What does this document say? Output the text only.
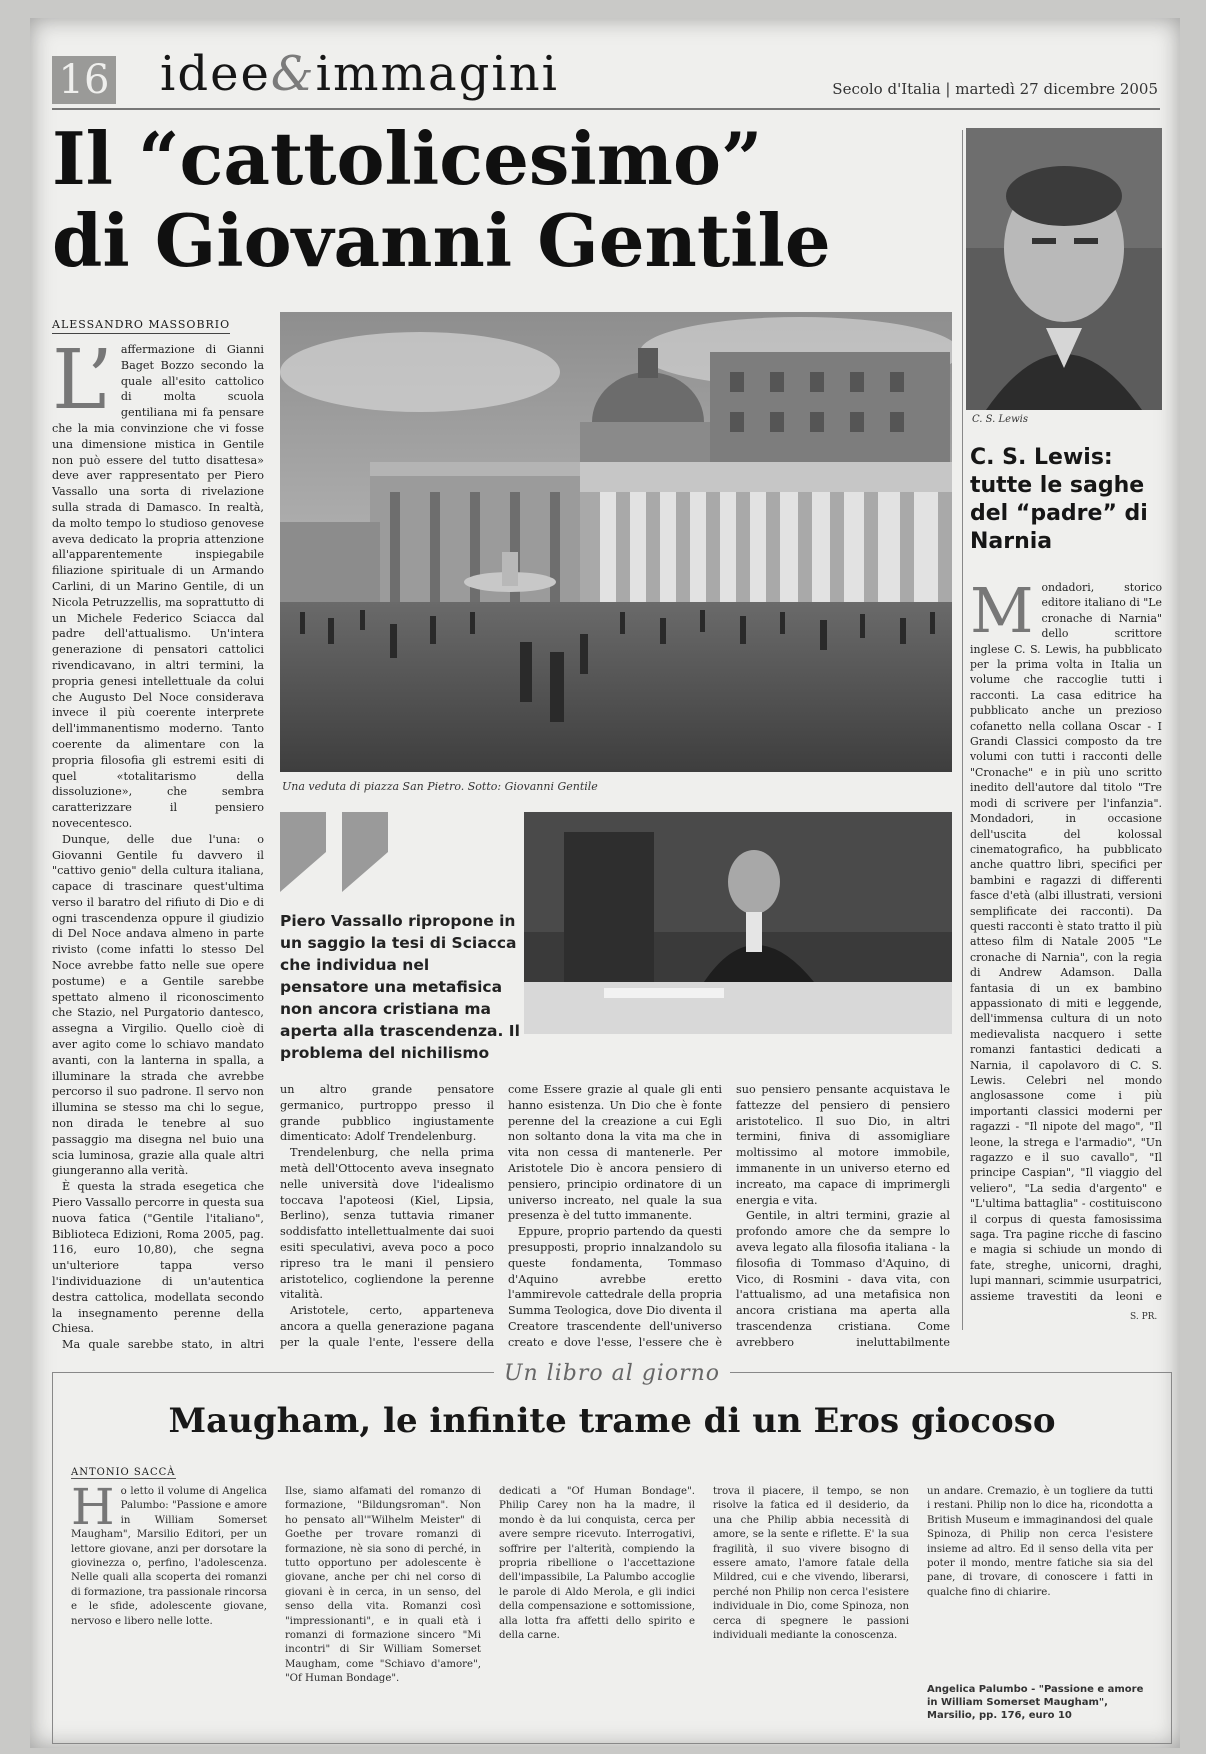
16 idee&immagini	Secolo d'Italia | martedì 27 dicembre 2005
Il “cattolicesimo”
di Giovanni Gentile
ALESSANDRO MASSOBRIO
L’ affermazione di Gianni Baget Bozzo secondo la quale all'esito cattolico di molta scuola gentiliana mi fa pensare che la mia convinzione che vi fosse una dimensione mistica in Gentile non può essere del tutto disattesa» deve aver rappresentato per Piero Vassallo una sorta di rivelazione sulla strada di Damasco. In realtà, da molto tempo lo studioso genovese aveva dedicato la propria attenzione all'apparentemente inspiegabile filiazione spirituale di un Armando Carlini, di un Marino Gentile, di un Nicola Petruzzellis, ma soprattutto di un Michele Federico Sciacca dal padre dell'attualismo. Un'intera generazione di pensatori cattolici rivendicavano, in altri termini, la propria genesi intellettuale da colui che Augusto Del Noce considerava invece il più coerente interprete dell'immanentismo moderno. Tanto coerente da alimentare con la propria filosofia gli estremi esiti di quel «totalitarismo della dissoluzione», che sembra caratterizzare il pensiero novecentesco.

Dunque, delle due l'una: o Giovanni Gentile fu davvero il "cattivo genio" della cultura italiana, capace di trascinare quest'ultima verso il baratro del rifiuto di Dio e di ogni trascendenza oppure il giudizio di Del Noce andava almeno in parte rivisto (come infatti lo stesso Del Noce avrebbe fatto nelle sue opere postume) e a Gentile sarebbe spettato almeno il riconoscimento che Stazio, nel Purgatorio dantesco, assegna a Virgilio. Quello cioè di aver agito come lo schiavo mandato avanti, con la lanterna in spalla, a illuminare la strada che avrebbe percorso il suo padrone. Il servo non illumina se stesso ma chi lo segue, non dirada le tenebre al suo passaggio ma disegna nel buio una scia luminosa, grazie alla quale altri giungeranno alla verità.

È questa la strada esegetica che Piero Vassallo percorre in questa sua nuova fatica ("Gentile l'italiano", Biblioteca Edizioni, Roma 2005, pag. 116, euro 10,80), che segna un'ulteriore tappa verso l'individuazione di un'autentica destra cattolica, modellata secondo la insegnamento perenne della Chiesa.

Ma quale sarebbe stato, in altri

Una veduta di piazza San Pietro. Sotto: Giovanni Gentile
Piero Vassallo ripropone in un saggio la tesi di Sciacca che individua nel pensatore una metafisica non ancora cristiana ma aperta alla trascendenza. Il problema del nichilismo

un altro grande pensatore germanico, purtroppo presso il grande pubblico ingiustamente dimenticato: Adolf Trendelenburg.

Trendelenburg, che nella prima metà dell'Ottocento aveva insegnato nelle università dove l'idealismo toccava l'apoteosi (Kiel, Lipsia, Berlino), senza tuttavia rimaner soddisfatto intellettualmente dai suoi esiti speculativi, aveva poco a poco ripreso tra le mani il pensiero aristotelico, cogliendone la perenne vitalità.

Aristotele, certo, apparteneva ancora a quella generazione pagana per la quale l'ente, l'essere della

come Essere grazie al quale gli enti hanno esistenza. Un Dio che è fonte perenne del la creazione a cui Egli non soltanto dona la vita ma che in vita non cessa di mantenerle. Per Aristotele Dio è ancora pensiero di pensiero, principio ordinatore di un universo increato, nel quale la sua presenza è del tutto immanente.

Eppure, proprio partendo da questi presupposti, proprio innalzandolo su queste fondamenta, Tommaso d'Aquino avrebbe eretto l'ammirevole cattedrale della propria Summa Teologica, dove Dio diventa il Creatore trascendente dell'universo creato e dove l'esse, l'essere che è

suo pensiero pensante acquistava le fattezze del pensiero di pensiero aristotelico. Il suo Dio, in altri termini, finiva di assomigliare moltissimo al motore immobile, immanente in un universo eterno ed increato, ma capace di imprimergli energia e vita.

Gentile, in altri termini, grazie al profondo amore che da sempre lo aveva legato alla filosofia italiana - la filosofia di Tommaso d'Aquino, di Vico, di Rosmini - dava vita, con l'attualismo, ad una metafisica non ancora cristiana ma aperta alla trascendenza cristiana. Come avrebbero ineluttabilmente

C. S. Lewis
C. S. Lewis: tutte le saghe del “padre” di Narnia
M ondadori, storico editore italiano di "Le cronache di Narnia" dello scrittore inglese C. S. Lewis, ha pubblicato per la prima volta in Italia un volume che raccoglie tutti i racconti. La casa editrice ha pubblicato anche un prezioso cofanetto nella collana Oscar - I Grandi Classici composto da tre volumi con tutti i racconti delle "Cronache" e in più uno scritto inedito dell'autore dal titolo "Tre modi di scrivere per l'infanzia". Mondadori, in occasione dell'uscita del kolossal cinematografico, ha pubblicato anche quattro libri, specifici per bambini e ragazzi di differenti fasce d'età (albi illustrati, versioni semplificate dei racconti). Da questi racconti è stato tratto il più atteso film di Natale 2005 "Le cronache di Narnia", con la regia di Andrew Adamson. Dalla fantasia di un ex bambino appassionato di miti e leggende, dell'immensa cultura di un noto medievalista nacquero i sette romanzi fantastici dedicati a Narnia, il capolavoro di C. S. Lewis. Celebri nel mondo anglosassone come i più importanti classici moderni per ragazzi - "Il nipote del mago", "Il leone, la strega e l'armadio", "Un ragazzo e il suo cavallo", "Il principe Caspian", "Il viaggio del veliero", "La sedia d'argento" e "L'ultima battaglia" - costituiscono il corpus di questa famosissima saga. Tra pagine ricche di fascino e magia si schiude un mondo di fate, streghe, unicorni, draghi, lupi mannari, scimmie usurpatrici, assieme travestiti da leoni e

S. PR.
Un libro al giorno
Maugham, le infinite trame di un Eros giocoso
ANTONIO SACCÀ
H o letto il volume di Angelica Palumbo: "Passione e amore in William Somerset Maugham", Marsilio Editori, per un lettore giovane, anzi per dorsotare la giovinezza o, perfino, l'adolescenza. Nelle quali alla scoperta dei romanzi di formazione, tra passionale rincorsa e le sfide, adolescente giovane, nervoso e libero nelle lotte.

Ilse, siamo alfamati del romanzo di formazione, "Bildungsroman". Non ho pensato all'"Wilhelm Meister" di Goethe per trovare romanzi di formazione, nè sia sono di perché, in tutto opportuno per adolescente è giovane, anche per chi nel corso di giovani è in cerca, in un senso, del senso della vita. Romanzi così "impressionanti", e in quali età i romanzi di formazione sincero "Mi incontri" di Sir William Somerset Maugham, come "Schiavo d'amore", "Of Human Bondage".

dedicati a "Of Human Bondage". Philip Carey non ha la madre, il mondo è da lui conquista, cerca per avere sempre ricevuto. Interrogativi, soffrire per l'alterità, compiendo la propria ribellione o l'accettazione dell'impassibile, La Palumbo accoglie le parole di Aldo Merola, e gli indici della compensazione e sottomissione, alla lotta fra affetti dello spirito e della carne.

trova il piacere, il tempo, se non risolve la fatica ed il desiderio, da una che Philip abbia necessità di amore, se la sente e riflette. E' la sua fragilità, il suo vivere bisogno di essere amato, l'amore fatale della Mildred, cui e che vivendo, liberarsi, perché non Philip non cerca l'esistere individuale in Dio, come Spinoza, non cerca di spegnere le passioni individuali mediante la conoscenza.

un andare. Cremazio, è un togliere da tutti i restani. Philip non lo dice ha, ricondotta a British Museum e immaginandosi del quale Spinoza, di Philip non cerca l'esistere insieme ad altro. Ed il senso della vita per poter il mondo, mentre fatiche sia sia del pane, di trovare, di conoscere i fatti in qualche fino di chiarire.

Angelica Palumbo - "Passione e amore in William Somerset Maugham", Marsilio, pp. 176, euro 10
